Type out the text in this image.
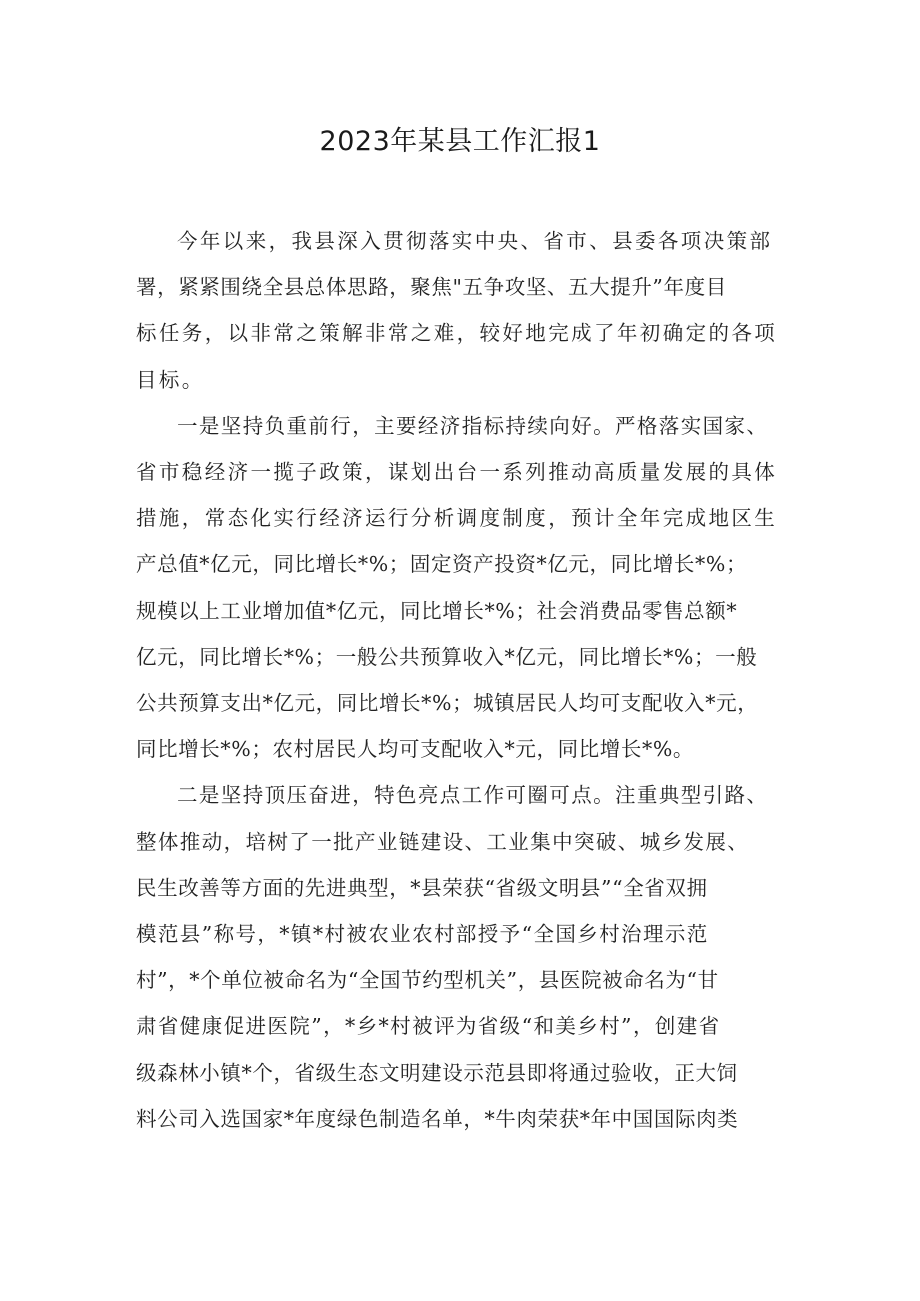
2023年某县工作汇报1

今年以来，我县深入贯彻落实中央、省市、县委各项决策部
署，紧紧围绕全县总体思路，聚焦"五争攻坚、五大提升”年度目
标任务，以非常之策解非常之难，较好地完成了年初确定的各项
目标。

一是坚持负重前行，主要经济指标持续向好。严格落实国家、
省市稳经济一揽子政策，谋划出台一系列推动高质量发展的具体
措施，常态化实行经济运行分析调度制度，预计全年完成地区生
产总值*亿元，同比增长*%；固定资产投资*亿元，同比增长*%；
规模以上工业增加值*亿元，同比增长*%；社会消费品零售总额*
亿元，同比增长*%；一般公共预算收入*亿元，同比增长*%；一般
公共预算支出*亿元，同比增长*%；城镇居民人均可支配收入*元，
同比增长*%；农村居民人均可支配收入*元，同比增长*%。

二是坚持顶压奋进，特色亮点工作可圈可点。注重典型引路、
整体推动，培树了一批产业链建设、工业集中突破、城乡发展、
民生改善等方面的先进典型，*县荣获“省级文明县”“全省双拥
模范县”称号，*镇*村被农业农村部授予“全国乡村治理示范
村”，*个单位被命名为“全国节约型机关”，县医院被命名为“甘
肃省健康促进医院”，*乡*村被评为省级“和美乡村”，创建省
级森林小镇*个，省级生态文明建设示范县即将通过验收，正大饲
料公司入选国家*年度绿色制造名单，*牛肉荣获*年中国国际肉类
